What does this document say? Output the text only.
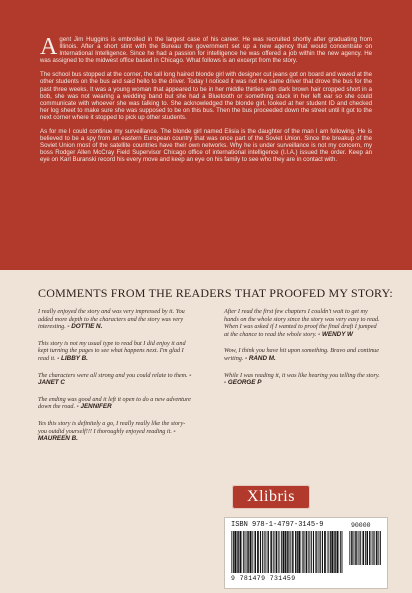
Agent Jim Huggins is embroiled in the largest case of his career. He was recruited shortly after graduating from Illinois. After a short stint with the Bureau the government set up a new agency that would concentrate on International Intelligence. Since he had a passion for intelligence he was offered a job within the new agency. He was assigned to the midwest office based in Chicago. What follows is an excerpt from the story.

The school bus stopped at the corner, the tall long haired blonde girl with designer cut jeans got on board and waved at the other students on the bus and said hello to the driver. Today I noticed it was not the same driver that drove the bus for the past three weeks. It was a young woman that appeared to be in her middle thirties with dark brown hair cropped short in a bob, she was not wearing a wedding band but she had a Bluetooth or something stuck in her left ear so she could communicate with whoever she was talking to. She acknowledged the blonde girl, looked at her student ID and checked her log sheet to make sure she was supposed to be on this bus. Then the bus proceeded down the street until it got to the next corner where it stopped to pick up other students.

As for me I could continue my surveillance. The blonde girl named Elisia is the daughter of the man I am following. He is believed to be a spy from an eastern European country that was once part of the Soviet Union. Since the breakup of the Soviet Union most of the satellite countries have their own networks. Why he is under surveillance is not my concern, my boss Rodger Allen McCray Field Supervisor Chicago office of international intelligence (I.I.A.) issued the order. Keep an eye on Karl Buranski record his every move and keep an eye on his family to see who they are in contact with.

COMMENTS FROM THE READERS THAT PROOFED MY STORY:

I really enjoyed the story and was very impressed by it. You added more depth to the characters and the story was very interesting. - DOTTIE N.

This story is not my usual type to read but I did enjoy it and kept turning the pages to see what happens next. I'm glad I read it. - LIBBY B.

The characters were all strong and you could relate to them. - JANET C

The ending was good and it left it open to do a new adventure down the road. - JENNIFER

Yes this story is definitely a go, I really really like the story- you outdid yourself!!! I thoroughly enjoyed reading it. - MAUREEN B.

After I read the first few chapters I couldn't wait to get my hands on the whole story since the story was very easy to read. When I was asked if I wanted to proof the final draft I jumped at the chance to read the whole story. - WENDY W

Wow, I think you have hit upon something. Bravo and continue writing. - RAND M.

While I was reading it, it was like hearing you telling the story. - GEORGE P

Xlibris
ISBN 978-1-4797-3145-9	90000
9 781479 731459
